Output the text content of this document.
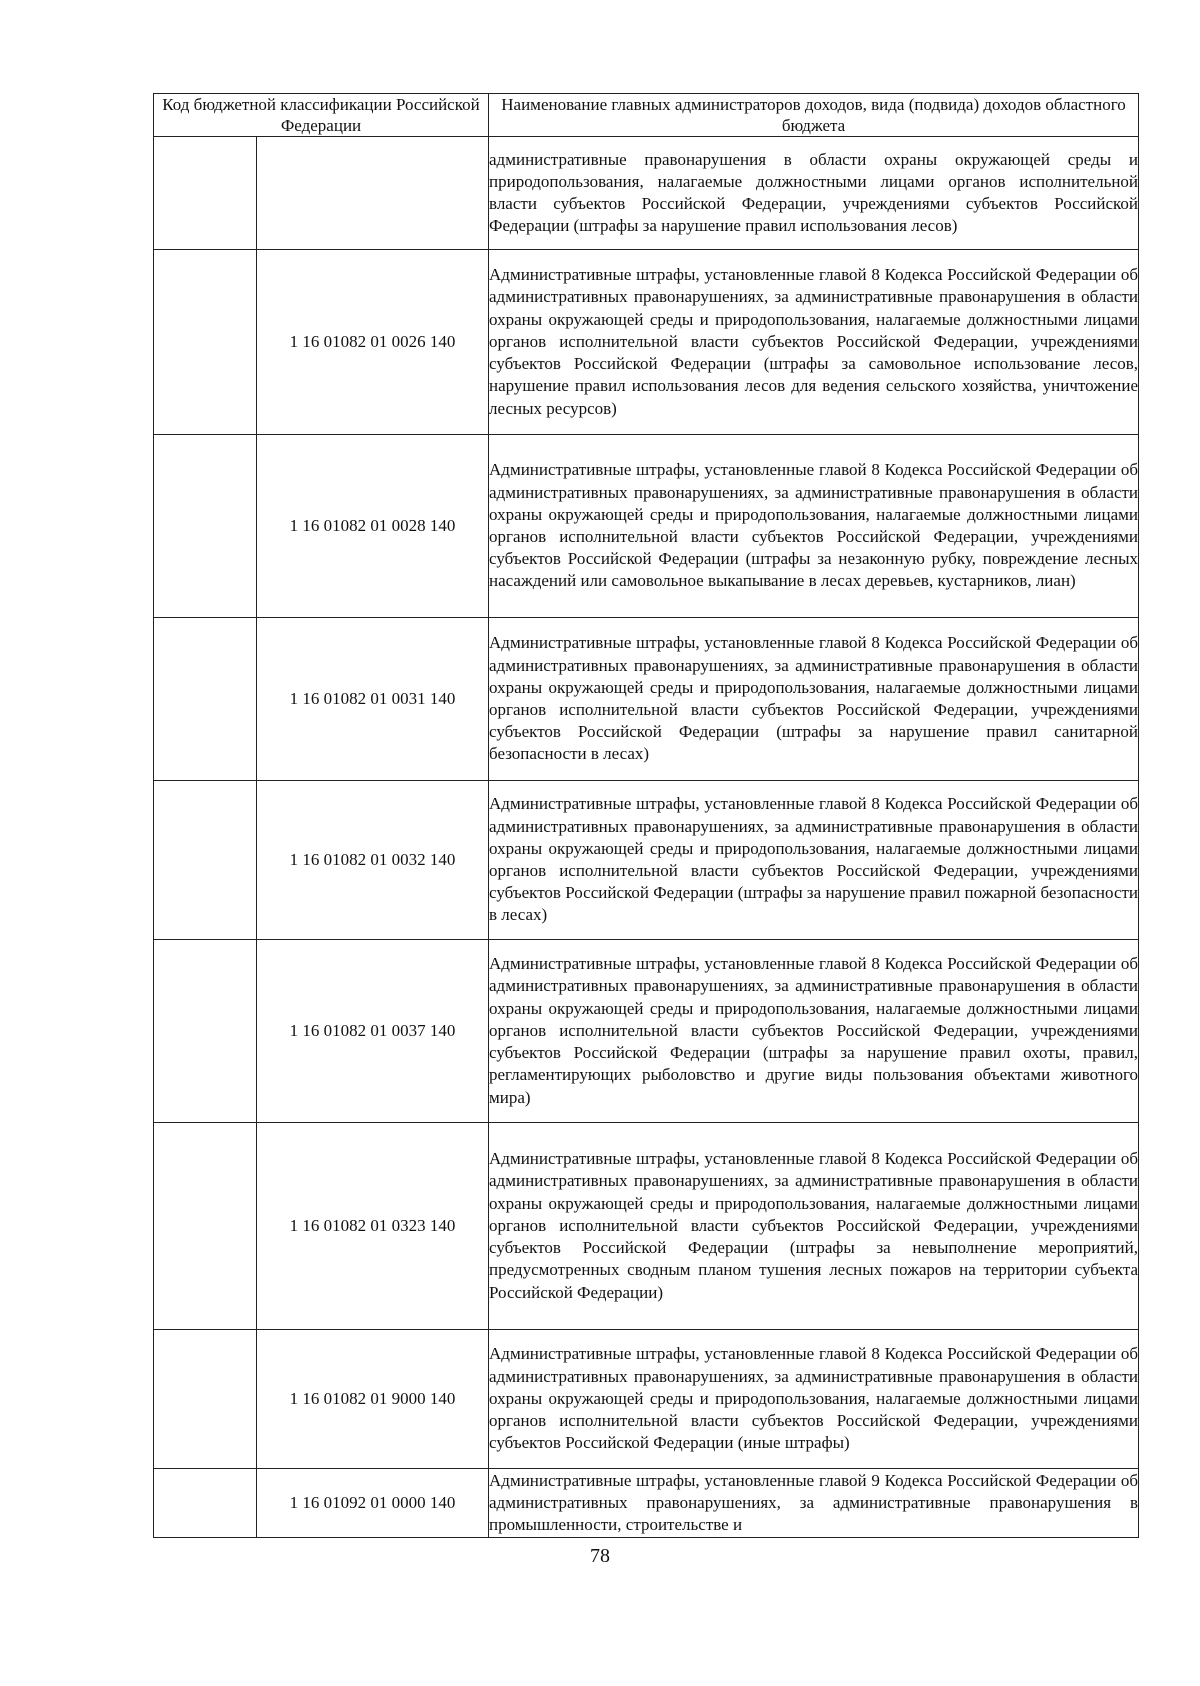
Код бюджетной классификации Российской Федерации		Наименование главных администраторов доходов, вида (подвида) доходов областного бюджета
		административные правонарушения в области охраны окружающей среды и природопользования, налагаемые должностными лицами органов исполнительной власти субъектов Российской Федерации, учреждениями субъектов Российской Федерации (штрафы за нарушение правил использования лесов)
	1 16 01082 01 0026 140	Административные штрафы, установленные главой 8 Кодекса Российской Федерации об административных правонарушениях, за административные правонарушения в области охраны окружающей среды и природопользования, налагаемые должностными лицами органов исполнительной власти субъектов Российской Федерации, учреждениями субъектов Российской Федерации (штрафы за самовольное использование лесов, нарушение правил использования лесов для ведения сельского хозяйства, уничтожение лесных ресурсов)
	1 16 01082 01 0028 140	Административные штрафы, установленные главой 8 Кодекса Российской Федерации об административных правонарушениях, за административные правонарушения в области охраны окружающей среды и природопользования, налагаемые должностными лицами органов исполнительной власти субъектов Российской Федерации, учреждениями субъектов Российской Федерации (штрафы за незаконную рубку, повреждение лесных насаждений или самовольное выкапывание в лесах деревьев, кустарников, лиан)
	1 16 01082 01 0031 140	Административные штрафы, установленные главой 8 Кодекса Российской Федерации об административных правонарушениях, за административные правонарушения в области охраны окружающей среды и природопользования, налагаемые должностными лицами органов исполнительной власти субъектов Российской Федерации, учреждениями субъектов Российской Федерации (штрафы за нарушение правил санитарной безопасности в лесах)
	1 16 01082 01 0032 140	Административные штрафы, установленные главой 8 Кодекса Российской Федерации об административных правонарушениях, за административные правонарушения в области охраны окружающей среды и природопользования, налагаемые должностными лицами органов исполнительной власти субъектов Российской Федерации, учреждениями субъектов Российской Федерации (штрафы за нарушение правил пожарной безопасности в лесах)
	1 16 01082 01 0037 140	Административные штрафы, установленные главой 8 Кодекса Российской Федерации об административных правонарушениях, за административные правонарушения в области охраны окружающей среды и природопользования, налагаемые должностными лицами органов исполнительной власти субъектов Российской Федерации, учреждениями субъектов Российской Федерации (штрафы за нарушение правил охоты, правил, регламентирующих рыболовство и другие виды пользования объектами животного мира)
	1 16 01082 01 0323 140	Административные штрафы, установленные главой 8 Кодекса Российской Федерации об административных правонарушениях, за административные правонарушения в области охраны окружающей среды и природопользования, налагаемые должностными лицами органов исполнительной власти субъектов Российской Федерации, учреждениями субъектов Российской Федерации (штрафы за невыполнение мероприятий, предусмотренных сводным планом тушения лесных пожаров на территории субъекта Российской Федерации)
	1 16 01082 01 9000 140	Административные штрафы, установленные главой 8 Кодекса Российской Федерации об административных правонарушениях, за административные правонарушения в области охраны окружающей среды и природопользования, налагаемые должностными лицами органов исполнительной власти субъектов Российской Федерации, учреждениями субъектов Российской Федерации (иные штрафы)
	1 16 01092 01 0000 140	Административные штрафы, установленные главой 9 Кодекса Российской Федерации об административных правонарушениях, за административные правонарушения в промышленности, строительстве и
78
